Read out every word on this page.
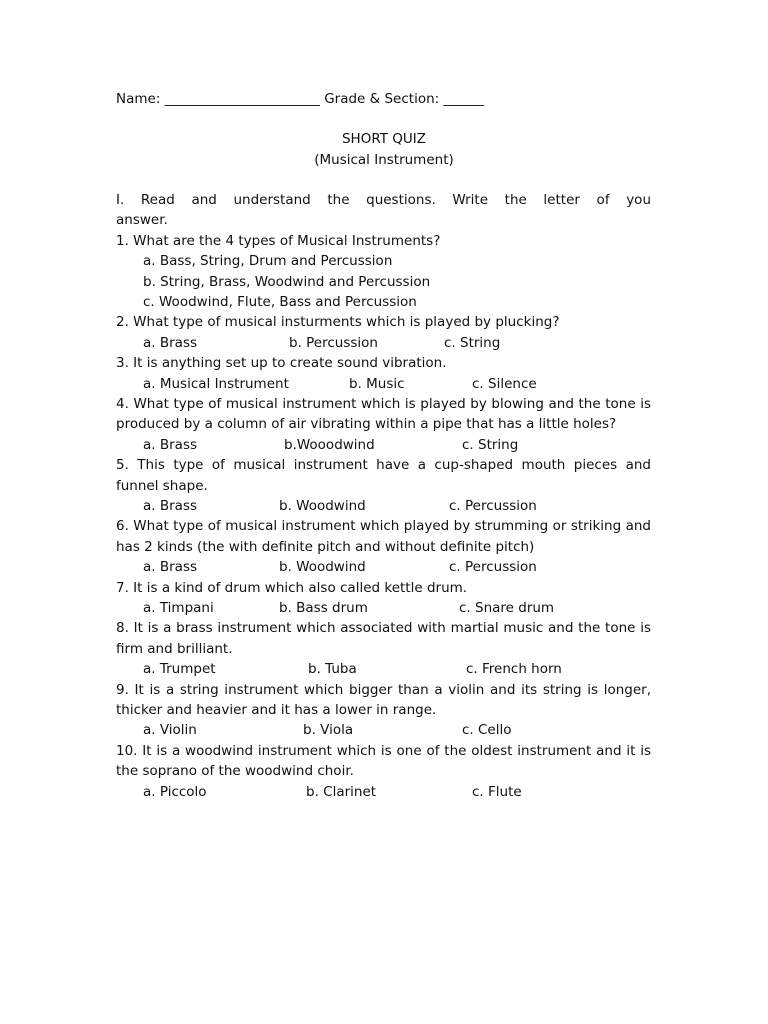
Name: _______________________ Grade & Section: ______
SHORT QUIZ
(Musical Instrument)
I. Read and understand the questions. Write the letter of you answer.
1. What are the 4 types of Musical Instruments?
a. Bass, String, Drum and Percussion
b. String, Brass, Woodwind and Percussion
c. Woodwind, Flute, Bass and Percussion
2. What type of musical insturments which is played by plucking?
a. Brass	b. Percussion	c. String
3. It is anything set up to create sound vibration.
a. Musical Instrument	b. Music	c. Silence
4. What type of musical instrument which is played by blowing and the tone is produced by a column of air vibrating within a pipe that has a little holes?
a. Brass	b.Wooodwind	c. String
5. This type of musical instrument have a cup-shaped mouth pieces and funnel shape.
a. Brass	b. Woodwind	c. Percussion
6. What type of musical instrument which played by strumming or striking and has 2 kinds (the with definite pitch and without definite pitch)
a. Brass	b. Woodwind	c. Percussion
7. It is a kind of drum which also called kettle drum.
a. Timpani	b. Bass drum	c. Snare drum
8. It is a brass instrument which associated with martial music and the tone is firm and brilliant.
a. Trumpet	b. Tuba	c. French horn
9. It is a string instrument which bigger than a violin and its string is longer, thicker and heavier and it has a lower in range.
a. Violin	b. Viola	c. Cello
10. It is a woodwind instrument which is one of the oldest instrument and it is the soprano of the woodwind choir.
a. Piccolo	b. Clarinet	c. Flute
